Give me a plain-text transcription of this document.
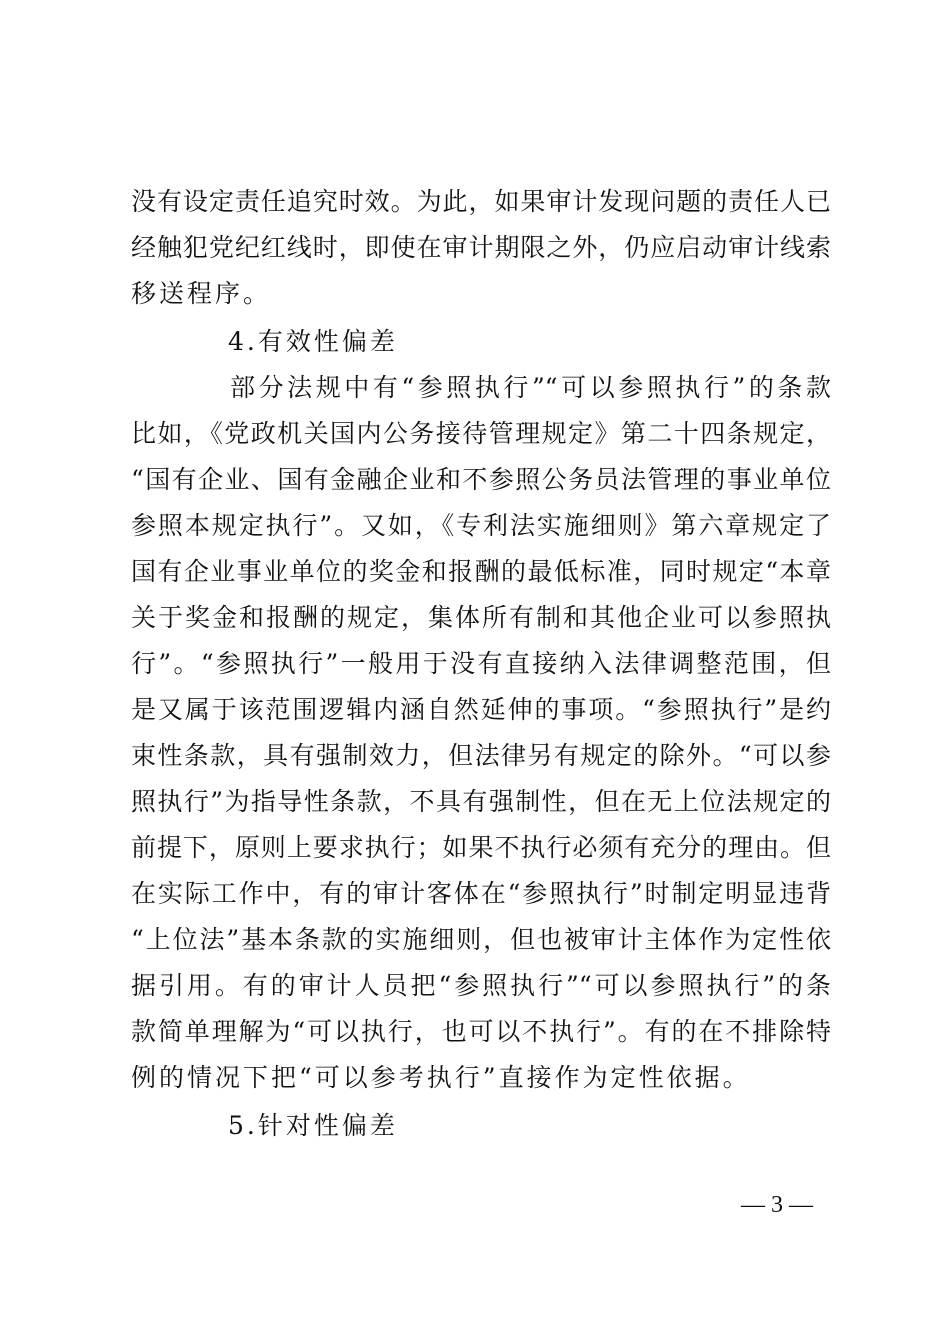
没有设定责任追究时效。为此，如果审计发现问题的责任人已
经触犯党纪红线时，即使在审计期限之外，仍应启动审计线索
移送程序。
4.有效性偏差
部分法规中有“参照执行”“可以参照执行”的条款
比如，《党政机关国内公务接待管理规定》第二十四条规定，
“国有企业、国有金融企业和不参照公务员法管理的事业单位
参照本规定执行”。又如，《专利法实施细则》第六章规定了
国有企业事业单位的奖金和报酬的最低标准，同时规定“本章
关于奖金和报酬的规定，集体所有制和其他企业可以参照执
行”。“参照执行”一般用于没有直接纳入法律调整范围，但
是又属于该范围逻辑内涵自然延伸的事项。“参照执行”是约
束性条款，具有强制效力，但法律另有规定的除外。“可以参
照执行”为指导性条款，不具有强制性，但在无上位法规定的
前提下，原则上要求执行；如果不执行必须有充分的理由。但
在实际工作中，有的审计客体在“参照执行”时制定明显违背
“上位法”基本条款的实施细则，但也被审计主体作为定性依
据引用。有的审计人员把“参照执行”“可以参照执行”的条
款简单理解为“可以执行，也可以不执行”。有的在不排除特
例的情况下把“可以参考执行”直接作为定性依据。
5.针对性偏差
— 3 —
